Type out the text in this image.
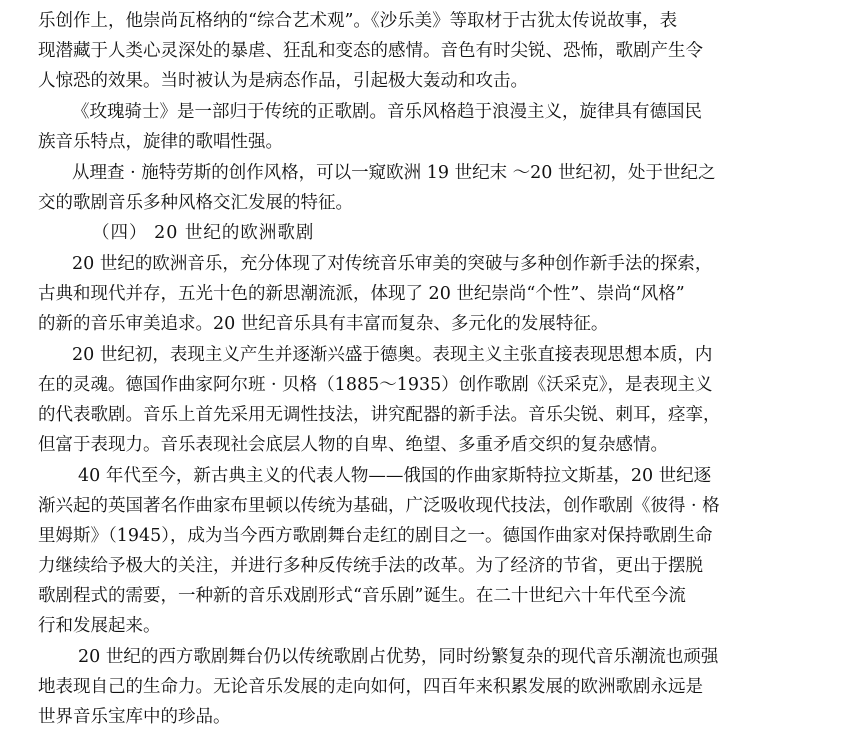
乐创作上，他崇尚瓦格纳的“综合艺术观”。《沙乐美》等取材于古犹太传说故事，表
现潜藏于人类心灵深处的暴虐、狂乱和变态的感情。音色有时尖锐、恐怖，歌剧产生令
人惊恐的效果。当时被认为是病态作品，引起极大轰动和攻击。
《玫瑰骑士》是一部归于传统的正歌剧。音乐风格趋于浪漫主义，旋律具有德国民
族音乐特点，旋律的歌唱性强。
从理查 · 施特劳斯的创作风格，可以一窥欧洲 19 世纪末 ～20 世纪初，处于世纪之
交的歌剧音乐多种风格交汇发展的特征。
（四） 20 世纪的欧洲歌剧
20 世纪的欧洲音乐，充分体现了对传统音乐审美的突破与多种创作新手法的探索，
古典和现代并存，五光十色的新思潮流派，体现了 20 世纪崇尚“个性”、崇尚“风格”
的新的音乐审美追求。20 世纪音乐具有丰富而复杂、多元化的发展特征。
20 世纪初，表现主义产生并逐渐兴盛于德奥。表现主义主张直接表现思想本质，内
在的灵魂。德国作曲家阿尔班 · 贝格（1885～1935）创作歌剧《沃采克》，是表现主义
的代表歌剧。音乐上首先采用无调性技法，讲究配器的新手法。音乐尖锐、刺耳，痉挛，
但富于表现力。音乐表现社会底层人物的自卑、绝望、多重矛盾交织的复杂感情。
40 年代至今，新古典主义的代表人物——俄国的作曲家斯特拉文斯基，20 世纪逐
渐兴起的英国著名作曲家布里顿以传统为基础，广泛吸收现代技法，创作歌剧《彼得 · 格
里姆斯》（1945），成为当今西方歌剧舞台走红的剧目之一。德国作曲家对保持歌剧生命
力继续给予极大的关注，并进行多种反传统手法的改革。为了经济的节省，更出于摆脱
歌剧程式的需要，一种新的音乐戏剧形式“音乐剧”诞生。在二十世纪六十年代至今流
行和发展起来。
20 世纪的西方歌剧舞台仍以传统歌剧占优势，同时纷繁复杂的现代音乐潮流也顽强
地表现自己的生命力。无论音乐发展的走向如何，四百年来积累发展的欧洲歌剧永远是
世界音乐宝库中的珍品。
